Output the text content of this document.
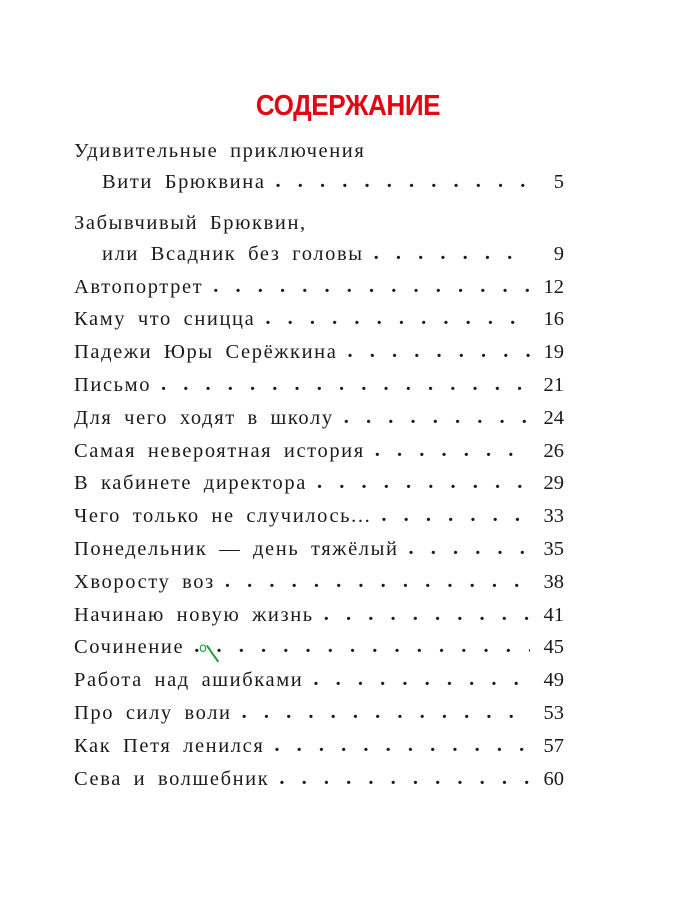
СОДЕРЖАНИЕ
Удивительные приключения
Вити Брюквина . . .	5
Забывчивый Брюквин,
или Всадник без головы . . .	9
Автопортрет . . .	12
Каму что сницца . . .	16
Падежи Юры Серёжкина . . .	19
Письмо . . .	21
Для чего ходят в школу . . .	24
Самая невероятная история . . .	26
В кабинете директора . . .	29
Чего только не случилось... . . .	33
Понедельник — день тяжёлый . . .	35
Хворосту воз . . .	38
Начинаю новую жизнь . . .	41
Сочинение . . .	45
Работа над ашибками . . .	49
Про силу воли . . .	53
Как Петя ленился . . .	57
Сева и волшебник . . .	60
о
